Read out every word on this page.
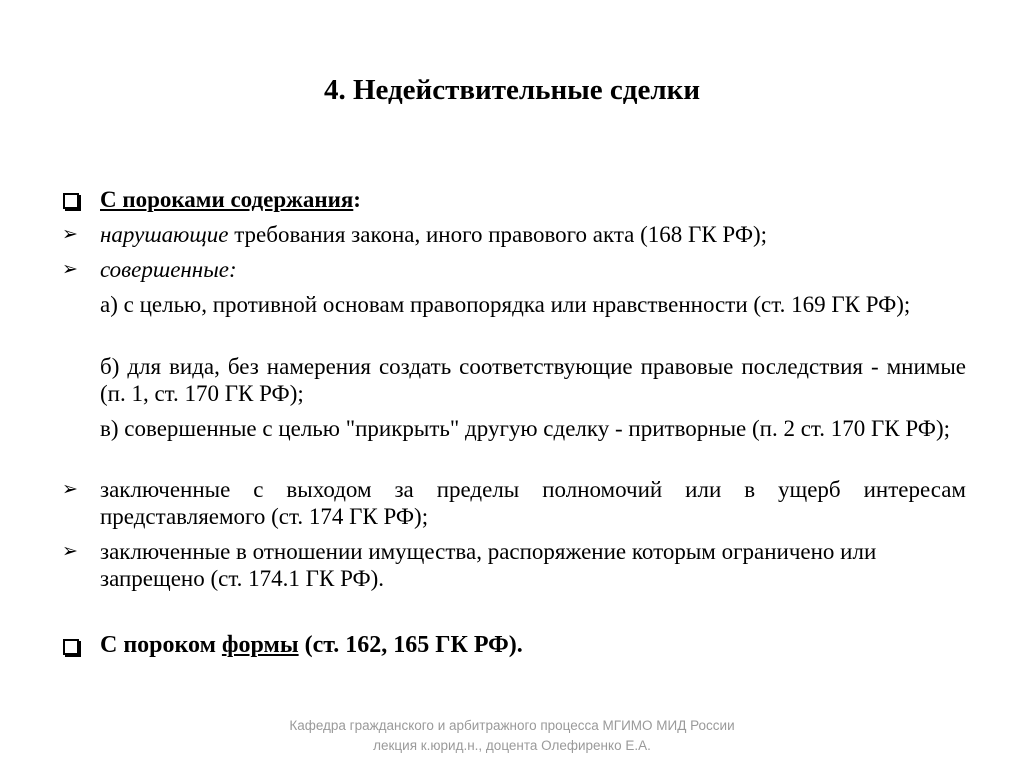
4. Недействительные сделки
С пороками содержания:
➢ нарушающие требования закона, иного правового акта (168 ГК РФ);
➢ совершенные:
а) с целью, противной основам правопорядка или нравственности (ст. 169 ГК РФ);
б) для вида, без намерения создать соответствующие правовые последствия - мнимые (п. 1, ст. 170 ГК РФ);
в) совершенные с целью "прикрыть" другую сделку - притворные (п. 2 ст. 170 ГК РФ);
➢ заключенные с выходом за пределы полномочий или в ущерб интересам представляемого (ст. 174 ГК РФ);
➢ заключенные в отношении имущества, распоряжение которым ограничено или запрещено (ст. 174.1 ГК РФ).
С пороком формы (ст. 162, 165 ГК РФ).
Кафедра гражданского и арбитражного процесса МГИМО МИД России
лекция к.юрид.н., доцента Олефиренко Е.А.
